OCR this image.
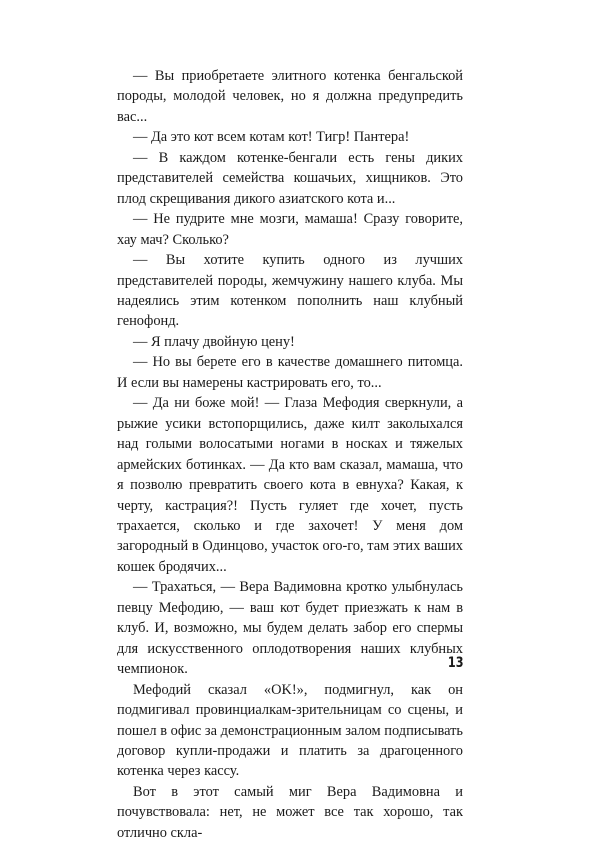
— Вы приобретаете элитного котенка бенгальской породы, молодой человек, но я должна предупредить вас...

— Да это кот всем котам кот! Тигр! Пантера!

— В каждом котенке-бенгали есть гены диких представителей семейства кошачьих, хищников. Это плод скрещивания дикого азиатского кота и...

— Не пудрите мне мозги, мамаша! Сразу говорите, хау мач? Сколько?

— Вы хотите купить одного из лучших представителей породы, жемчужину нашего клуба. Мы надеялись этим котенком пополнить наш клубный генофонд.

— Я плачу двойную цену!

— Но вы берете его в качестве домашнего питомца. И если вы намерены кастрировать его, то...

— Да ни боже мой! — Глаза Мефодия сверкнули, а рыжие усики встопорщились, даже килт заколыхался над голыми волосатыми ногами в носках и тяжелых армейских ботинках. — Да кто вам сказал, мамаша, что я позволю превратить своего кота в евнуха? Какая, к черту, кастрация?! Пусть гуляет где хочет, пусть трахается, сколько и где захочет! У меня дом загородный в Одинцово, участок ого-го, там этих ваших кошек бродячих...

— Трахаться, — Вера Вадимовна кротко улыбнулась певцу Мефодию, — ваш кот будет приезжать к нам в клуб. И, возможно, мы будем делать забор его спермы для искусственного оплодотворения наших клубных чемпионок.

Мефодий сказал «OK!», подмигнул, как он подмигивал провинциалкам-зрительницам со сцены, и пошел в офис за демонстрационным залом подписывать договор купли-продажи и платить за драгоценного котенка через кассу.

Вот в этот самый миг Вера Вадимовна и почувствовала: нет, не может все так хорошо, так отлично скла-

13
